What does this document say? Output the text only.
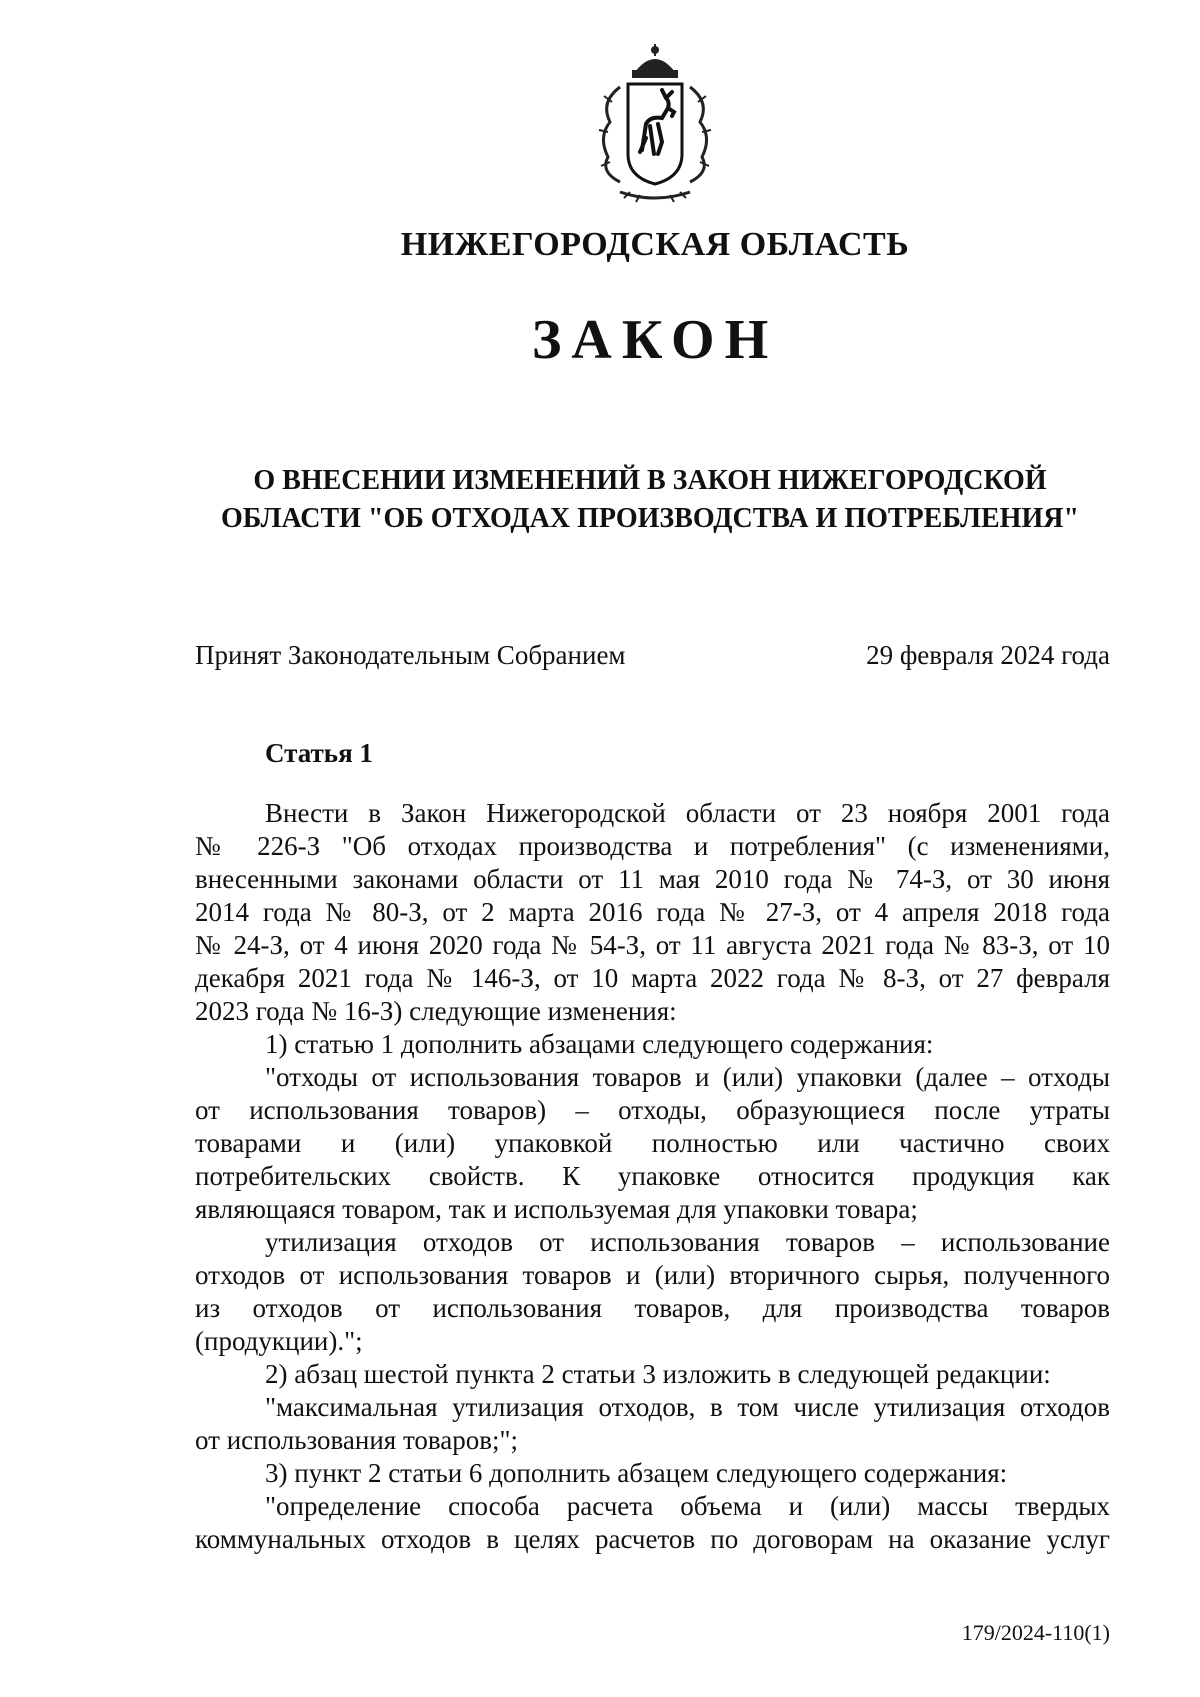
НИЖЕГОРОДСКАЯ ОБЛАСТЬ
ЗАКОН
О ВНЕСЕНИИ ИЗМЕНЕНИЙ В ЗАКОН НИЖЕГОРОДСКОЙ
ОБЛАСТИ "ОБ ОТХОДАХ ПРОИЗВОДСТВА И ПОТРЕБЛЕНИЯ"
Принят Законодательным Собранием	29 февраля 2024 года
Статья 1

Внести в Закон Нижегородской области от 23 ноября 2001 года

№ 226-З "Об отходах производства и потребления" (с изменениями,

внесенными законами области от 11 мая 2010 года № 74-З, от 30 июня

2014 года № 80-З, от 2 марта 2016 года № 27-З, от 4 апреля 2018 года

№ 24-З, от 4 июня 2020 года № 54-З, от 11 августа 2021 года № 83-З, от 10

декабря 2021 года № 146-З, от 10 марта 2022 года № 8-З, от 27 февраля

2023 года № 16-З) следующие изменения:

1) статью 1 дополнить абзацами следующего содержания:

"отходы от использования товаров и (или) упаковки (далее – отходы

от использования товаров) – отходы, образующиеся после утраты

товарами и (или) упаковкой полностью или частично своих

потребительских свойств. К упаковке относится продукция как

являющаяся товаром, так и используемая для упаковки товара;

утилизация отходов от использования товаров – использование

отходов от использования товаров и (или) вторичного сырья, полученного

из отходов от использования товаров, для производства товаров

(продукции).";

2) абзац шестой пункта 2 статьи 3 изложить в следующей редакции:

"максимальная утилизация отходов, в том числе утилизация отходов

от использования товаров;";

3) пункт 2 статьи 6 дополнить абзацем следующего содержания:

"определение способа расчета объема и (или) массы твердых

коммунальных отходов в целях расчетов по договорам на оказание услуг

179/2024-110(1)
